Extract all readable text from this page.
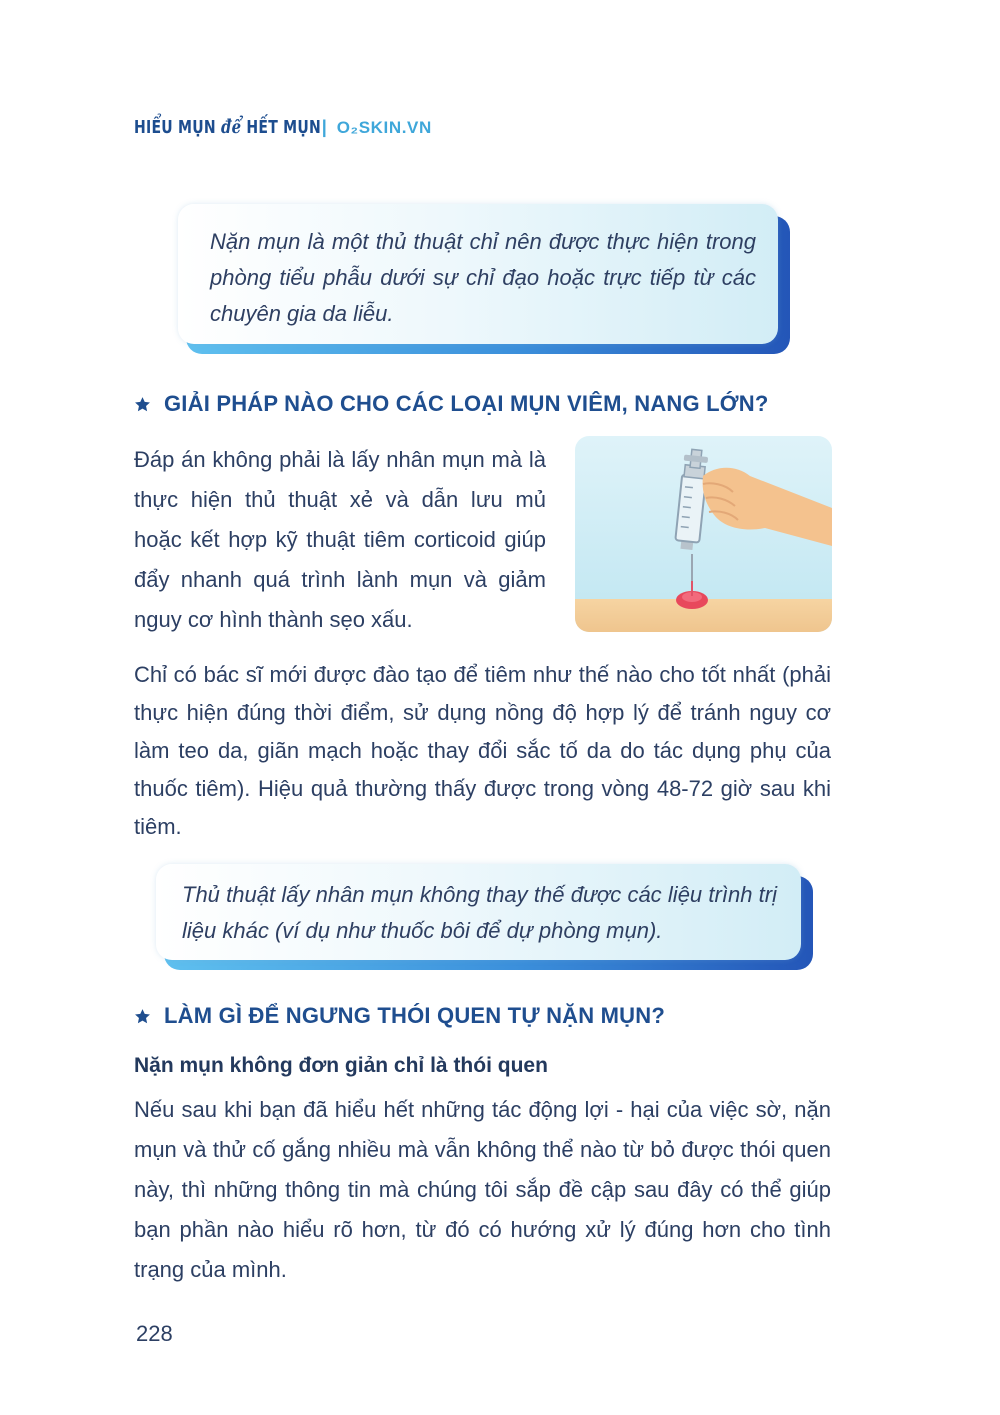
HIỂU MỤN để HẾT MỤN | O₂SKIN.VN
Nặn mụn là một thủ thuật chỉ nên được thực hiện trong phòng tiểu phẫu dưới sự chỉ đạo hoặc trực tiếp từ các chuyên gia da liễu.
GIẢI PHÁP NÀO CHO CÁC LOẠI MỤN VIÊM, NANG LỚN?
Đáp án không phải là lấy nhân mụn mà là thực hiện thủ thuật xẻ và dẫn lưu mủ hoặc kết hợp kỹ thuật tiêm corticoid giúp đẩy nhanh quá trình lành mụn và giảm nguy cơ hình thành sẹo xấu.
Chỉ có bác sĩ mới được đào tạo để tiêm như thế nào cho tốt nhất (phải thực hiện đúng thời điểm, sử dụng nồng độ hợp lý để tránh nguy cơ làm teo da, giãn mạch hoặc thay đổi sắc tố da do tác dụng phụ của thuốc tiêm). Hiệu quả thường thấy được trong vòng 48-72 giờ sau khi tiêm.
Thủ thuật lấy nhân mụn không thay thế được các liệu trình trị liệu khác (ví dụ như thuốc bôi để dự phòng mụn).
LÀM GÌ ĐỂ NGƯNG THÓI QUEN TỰ NẶN MỤN?
Nặn mụn không đơn giản chỉ là thói quen
Nếu sau khi bạn đã hiểu hết những tác động lợi - hại của việc sờ, nặn mụn và thử cố gắng nhiều mà vẫn không thể nào từ bỏ được thói quen này, thì những thông tin mà chúng tôi sắp đề cập sau đây có thể giúp bạn phần nào hiểu rõ hơn, từ đó có hướng xử lý đúng hơn cho tình trạng của mình.
228
